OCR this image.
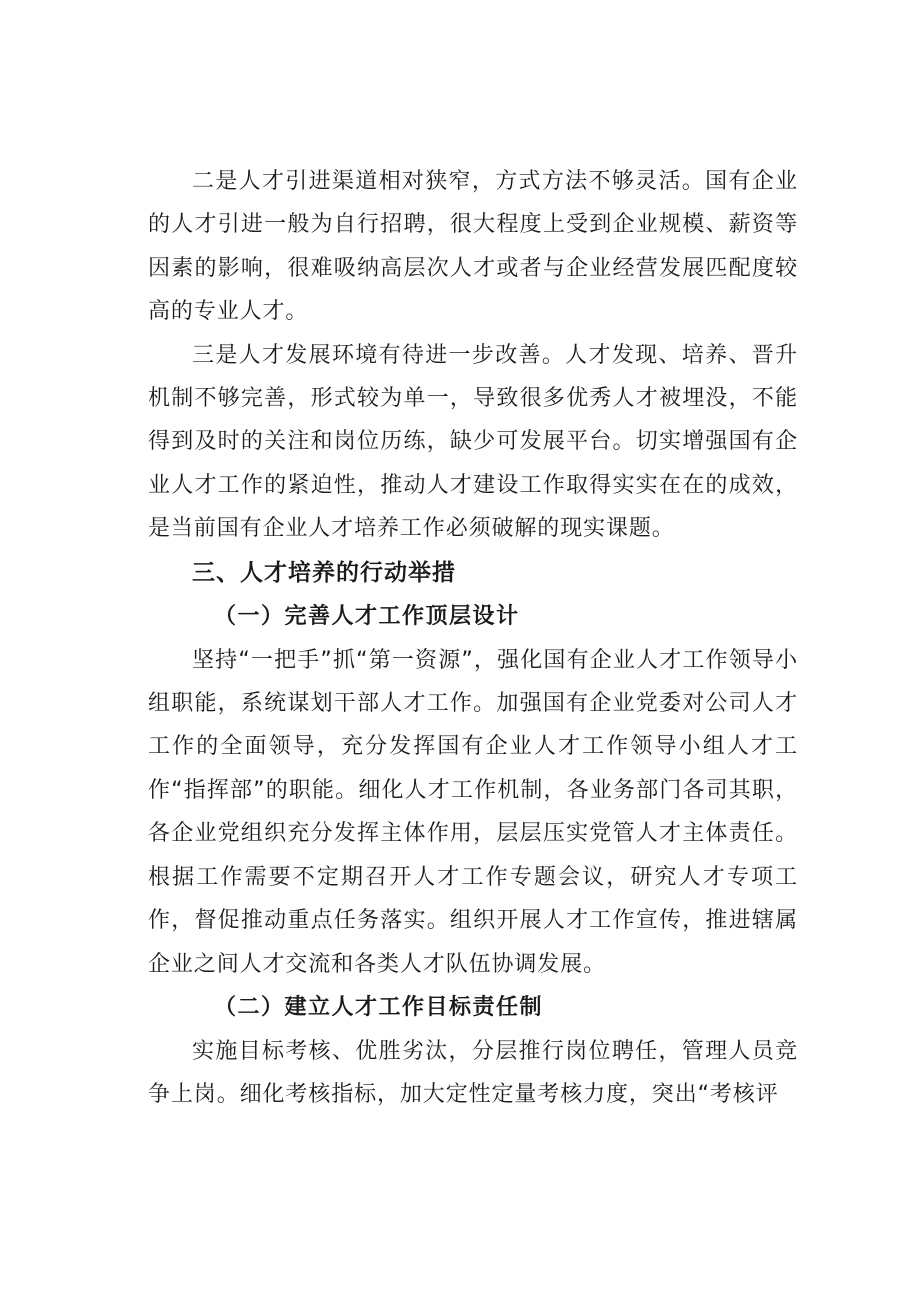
二是人才引进渠道相对狭窄，方式方法不够灵活。国有企业的人才引进一般为自行招聘，很大程度上受到企业规模、薪资等因素的影响，很难吸纳高层次人才或者与企业经营发展匹配度较高的专业人才。

三是人才发展环境有待进一步改善。人才发现、培养、晋升机制不够完善，形式较为单一，导致很多优秀人才被埋没，不能得到及时的关注和岗位历练，缺少可发展平台。切实增强国有企业人才工作的紧迫性，推动人才建设工作取得实实在在的成效，是当前国有企业人才培养工作必须破解的现实课题。

三、人才培养的行动举措
（一）完善人才工作顶层设计

坚持“一把手”抓“第一资源”，强化国有企业人才工作领导小组职能，系统谋划干部人才工作。加强国有企业党委对公司人才工作的全面领导，充分发挥国有企业人才工作领导小组人才工作“指挥部”的职能。细化人才工作机制，各业务部门各司其职，各企业党组织充分发挥主体作用，层层压实党管人才主体责任。根据工作需要不定期召开人才工作专题会议，研究人才专项工作，督促推动重点任务落实。组织开展人才工作宣传，推进辖属企业之间人才交流和各类人才队伍协调发展。

（二）建立人才工作目标责任制

实施目标考核、优胜劣汰，分层推行岗位聘任，管理人员竞争上岗。细化考核指标，加大定性定量考核力度，突出“考核评
